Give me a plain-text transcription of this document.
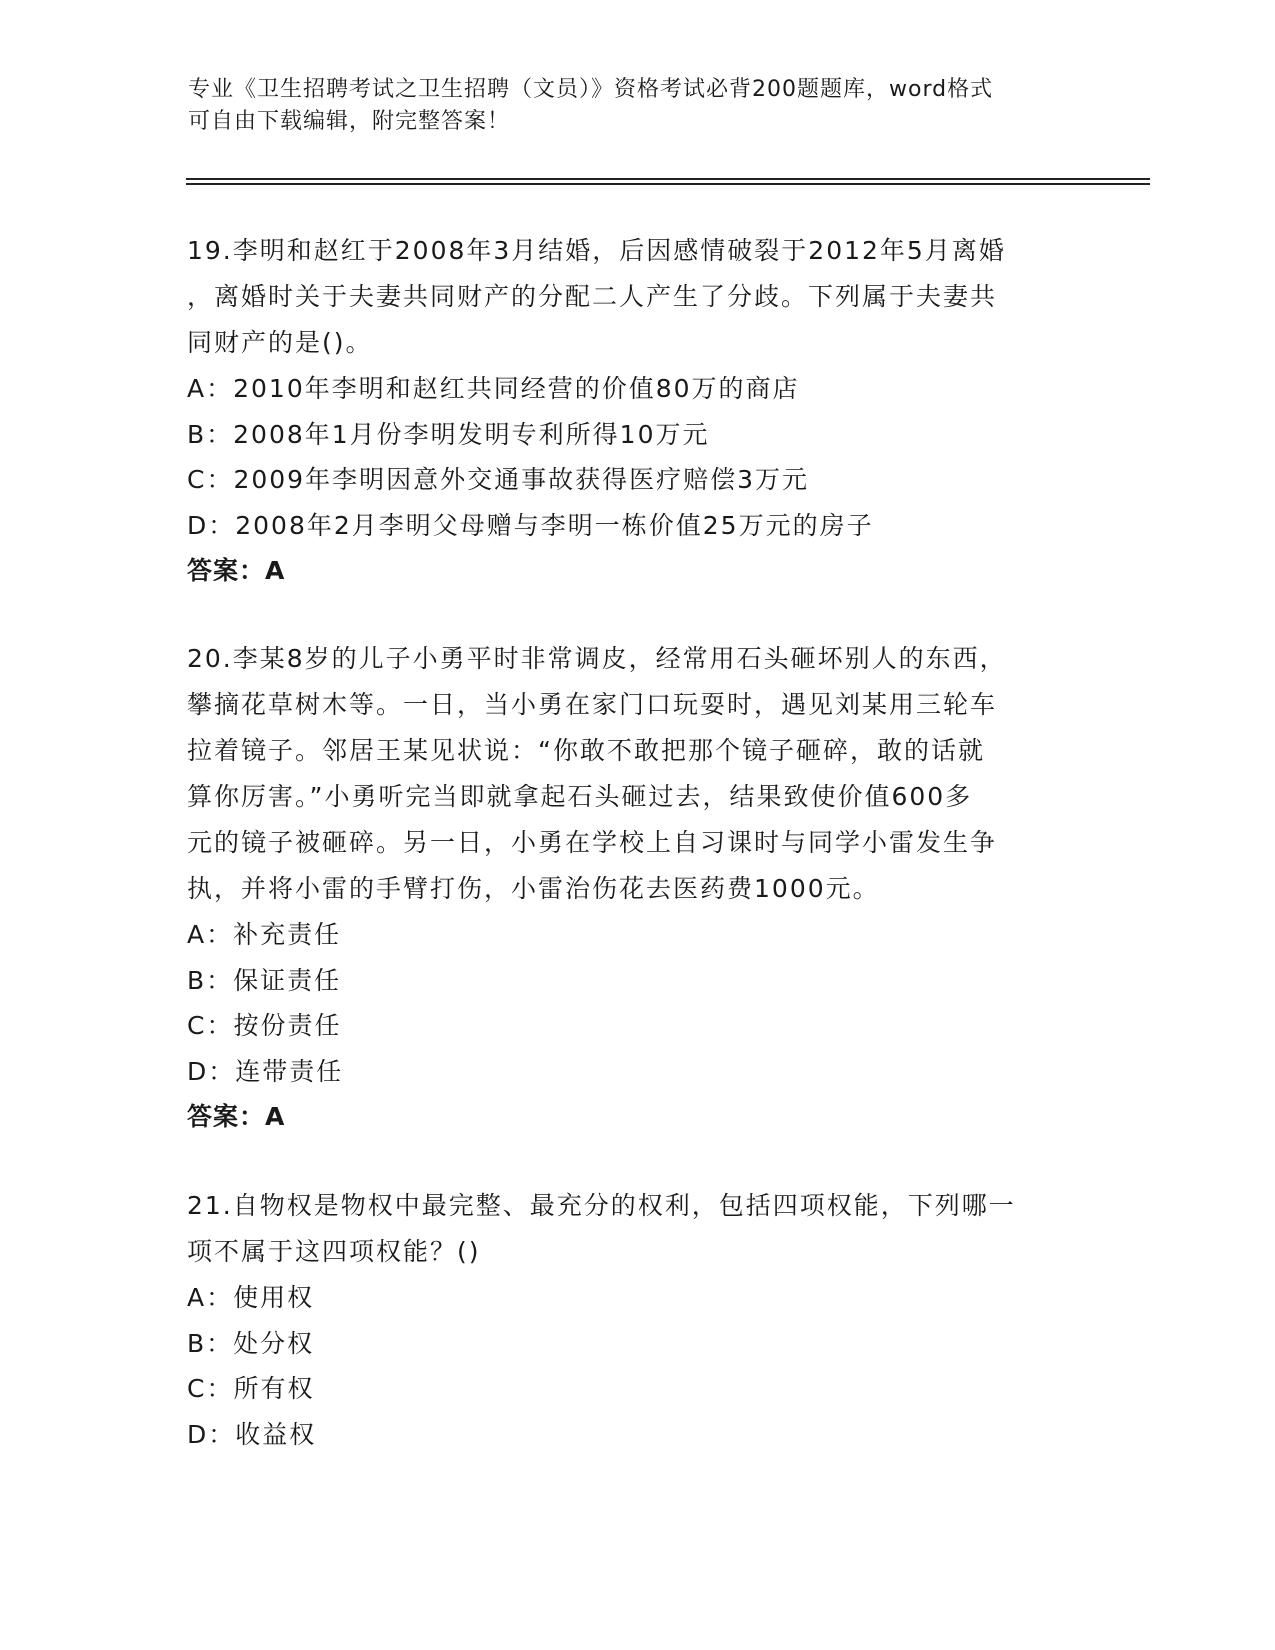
专业《卫生招聘考试之卫生招聘（文员）》资格考试必背200题题库，word格式
可自由下载编辑，附完整答案！
19.李明和赵红于2008年3月结婚，后因感情破裂于2012年5月离婚
，离婚时关于夫妻共同财产的分配二人产生了分歧。下列属于夫妻共
同财产的是()。
A：2010年李明和赵红共同经营的价值80万的商店
B：2008年1月份李明发明专利所得10万元
C：2009年李明因意外交通事故获得医疗赔偿3万元
D：2008年2月李明父母赠与李明一栋价值25万元的房子
答案：A
20.李某8岁的儿子小勇平时非常调皮，经常用石头砸坏别人的东西，
攀摘花草树木等。一日，当小勇在家门口玩耍时，遇见刘某用三轮车
拉着镜子。邻居王某见状说：“你敢不敢把那个镜子砸碎，敢的话就
算你厉害。”小勇听完当即就拿起石头砸过去，结果致使价值600多
元的镜子被砸碎。另一日，小勇在学校上自习课时与同学小雷发生争
执，并将小雷的手臂打伤，小雷治伤花去医药费1000元。
A：补充责任
B：保证责任
C：按份责任
D：连带责任
答案：A
21.自物权是物权中最完整、最充分的权利，包括四项权能，下列哪一
项不属于这四项权能？()
A：使用权
B：处分权
C：所有权
D：收益权
